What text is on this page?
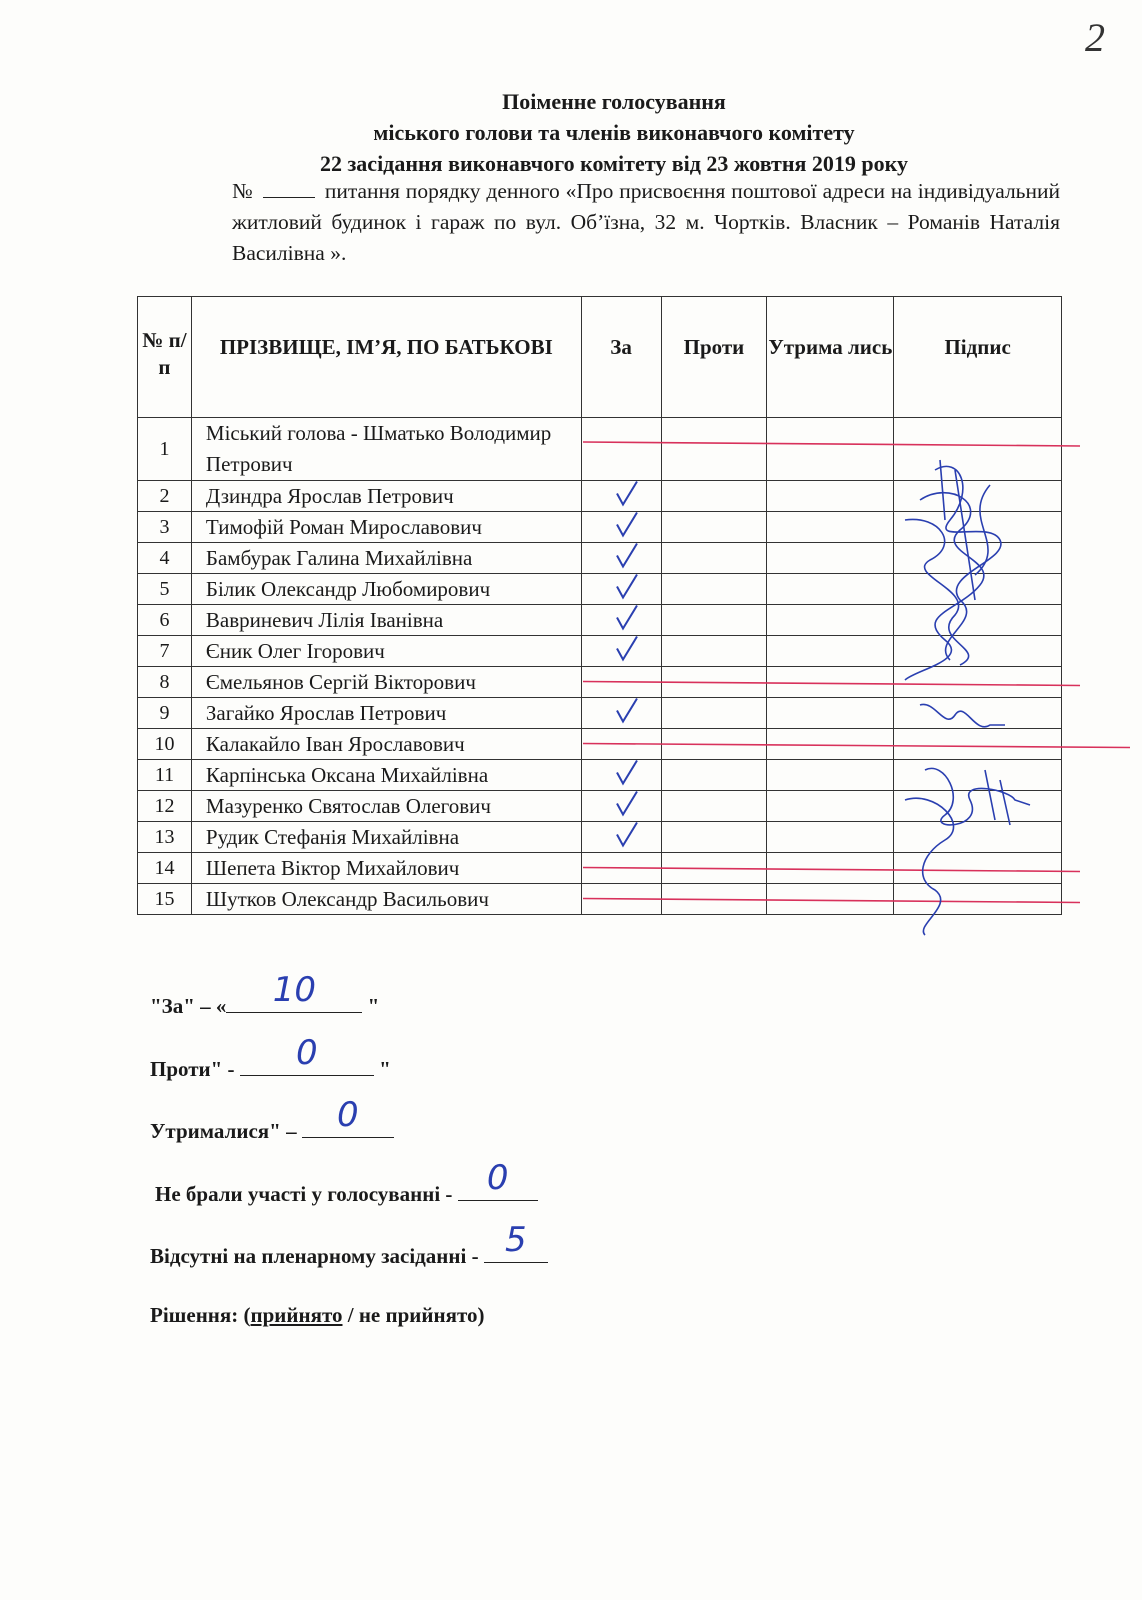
2
Поіменне голосування
міського голови та членів виконавчого комітету
22 засідання виконавчого комітету від 23 жовтня 2019 року
№	питання порядку денного «Про присвоєння поштової адреси на індивідуальний житловий будинок і гараж по вул. Об’їзна, 32 м. Чортків. Власник – Романів Наталія Василівна ».
№ п/п	ПРІЗВИЩЕ, ІМ’Я, ПО БАТЬКОВІ	За	Проти	Утрима лись	Підпис
1	Міський голова - Шматько Володимир Петрович				
2	Дзиндра Ярослав Петрович				
3	Тимофій Роман Мирославович				
4	Бамбурак Галина Михайлівна				
5	Білик Олександр Любомирович				
6	Вавриневич Лілія Іванівна				
7	Єник Олег Ігорович				
8	Ємельянов Сергій Вікторович				
9	Загайко Ярослав Петрович				
10	Калакайло Іван Ярославович				
11	Карпінська Оксана Михайлівна				
12	Мазуренко Святослав Олегович				
13	Рудик Стефанія Михайлівна				
14	Шепета Віктор Михайлович				
15	Шутков Олександр Васильович				
"За" – «	10	"
Проти" -	0	"
Утрималися" –	0
Не брали участі у голосуванні -	0
Відсутні на пленарному засіданні - 5
Рішення: (прийнято / не прийнято)
